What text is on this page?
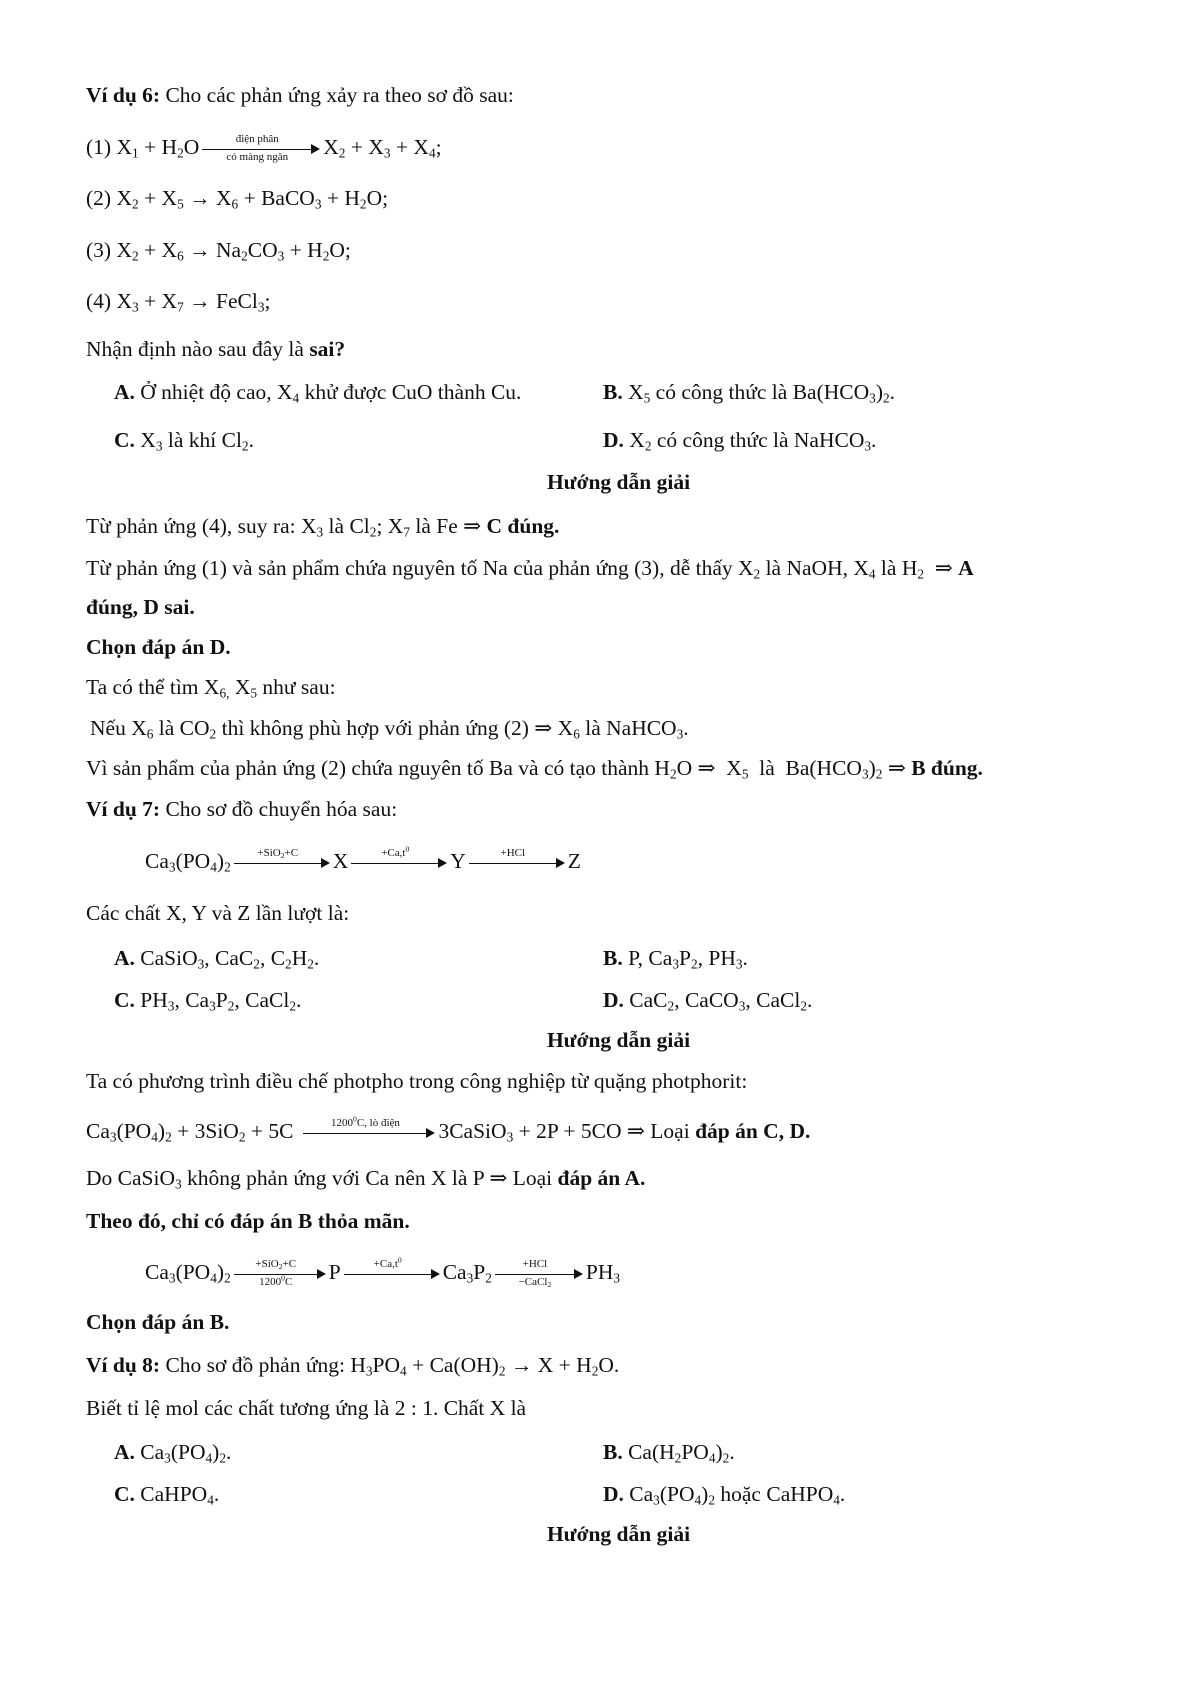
Ví dụ 6: Cho các phản ứng xảy ra theo sơ đồ sau:
(1) $X_1 + H_2O$	điện phân
có màng ngăn	$X_2 + X_3 + X_4$;
(2) $X_2 + X_5 \to X_6$ + BaCO$_3$ + $H_2O$;
(3) $X_2 + X_6 \to Na_2CO_3 + H_2O$;
(4) $X_3 + X_7$ → FeCl$_3$;
Nhận định nào sau đây là sai?
A. Ở nhiệt độ cao, $X_4$ khử được CuO thành Cu.	B. $X_5$ có công thức là $Ba(HCO_3)_2$.
C. $X_3$ là khí $Cl_2$.	D. $X_2$ có công thức là NaHCO$_3$.
Hướng dẫn giải
Từ phản ứng (4), suy ra: $X_3$ là $Cl_2$; $X_7$ là Fe ⇒ C đúng.
Từ phản ứng (1) và sản phẩm chứa nguyên tố Na của phản ứng (3), dễ thấy $X_2$ là NaOH, $X_4$ là $H_2$  ⇒ A
đúng, D sai.
Chọn đáp án D.
Ta có thể tìm $X_{6,}$ $X_5$ như sau:
Nếu $X_6$ là $CO_2$ thì không phù hợp với phản ứng (2) ⇒ $X_6$ là NaHCO$_3$.
Vì sản phẩm của phản ứng (2) chứa nguyên tố Ba và có tạo thành $H_2O$ ⇒  $X_5$  là  $Ba(HCO_3)_2$ ⇒ B đúng.
Ví dụ 7: Cho sơ đồ chuyển hóa sau:
$Ca_3(PO_4)_2$
+SiO$_2$+C	X	$+Ca,t^0$
Y	+HCl	Z
Các chất X, Y và Z lần lượt là:
A. CaSiO$_3$, CaC$_2$, $C_2H_2$.	B. P, $Ca_3P_2$, $PH_3$.
C. $PH_3$, $Ca_3P_2$, CaCl$_2$.	D. CaC$_2$, CaCO$_3$, CaCl$_2$.
Hướng dẫn giải
Ta có phương trình điều chế photpho trong công nghiệp từ quặng photphorit:
$Ca_3(PO_4)_2 + 3SiO_2 + 5C$	1200$^0$C, lò điện	3CaSiO$_3$ + 2P + 5CO ⇒ Loại đáp án C, D.
Do CaSiO$_3$ không phản ứng với Ca nên X là P ⇒ Loại đáp án A.
Theo đó, chỉ có đáp án B thỏa mãn.
$Ca_3(PO_4)_2$
+SiO$_2$+C
1200$^0$C	P	$+Ca,t^0$
$Ca_3P_2$
+HCl
−CaCl$_2$
$PH_3$
Chọn đáp án B.
Ví dụ 8: Cho sơ đồ phản ứng: $H_3PO_4 + Ca(OH)_2 \to X + H_2O$.
Biết tỉ lệ mol các chất tương ứng là 2 : 1. Chất X là
A. $Ca_3(PO_4)_2$.	B. $Ca(H_2PO_4)_2$.
C. CaHPO$_4$.	D. $Ca_3(PO_4)_2$ hoặc CaHPO$_4$.
Hướng dẫn giải
